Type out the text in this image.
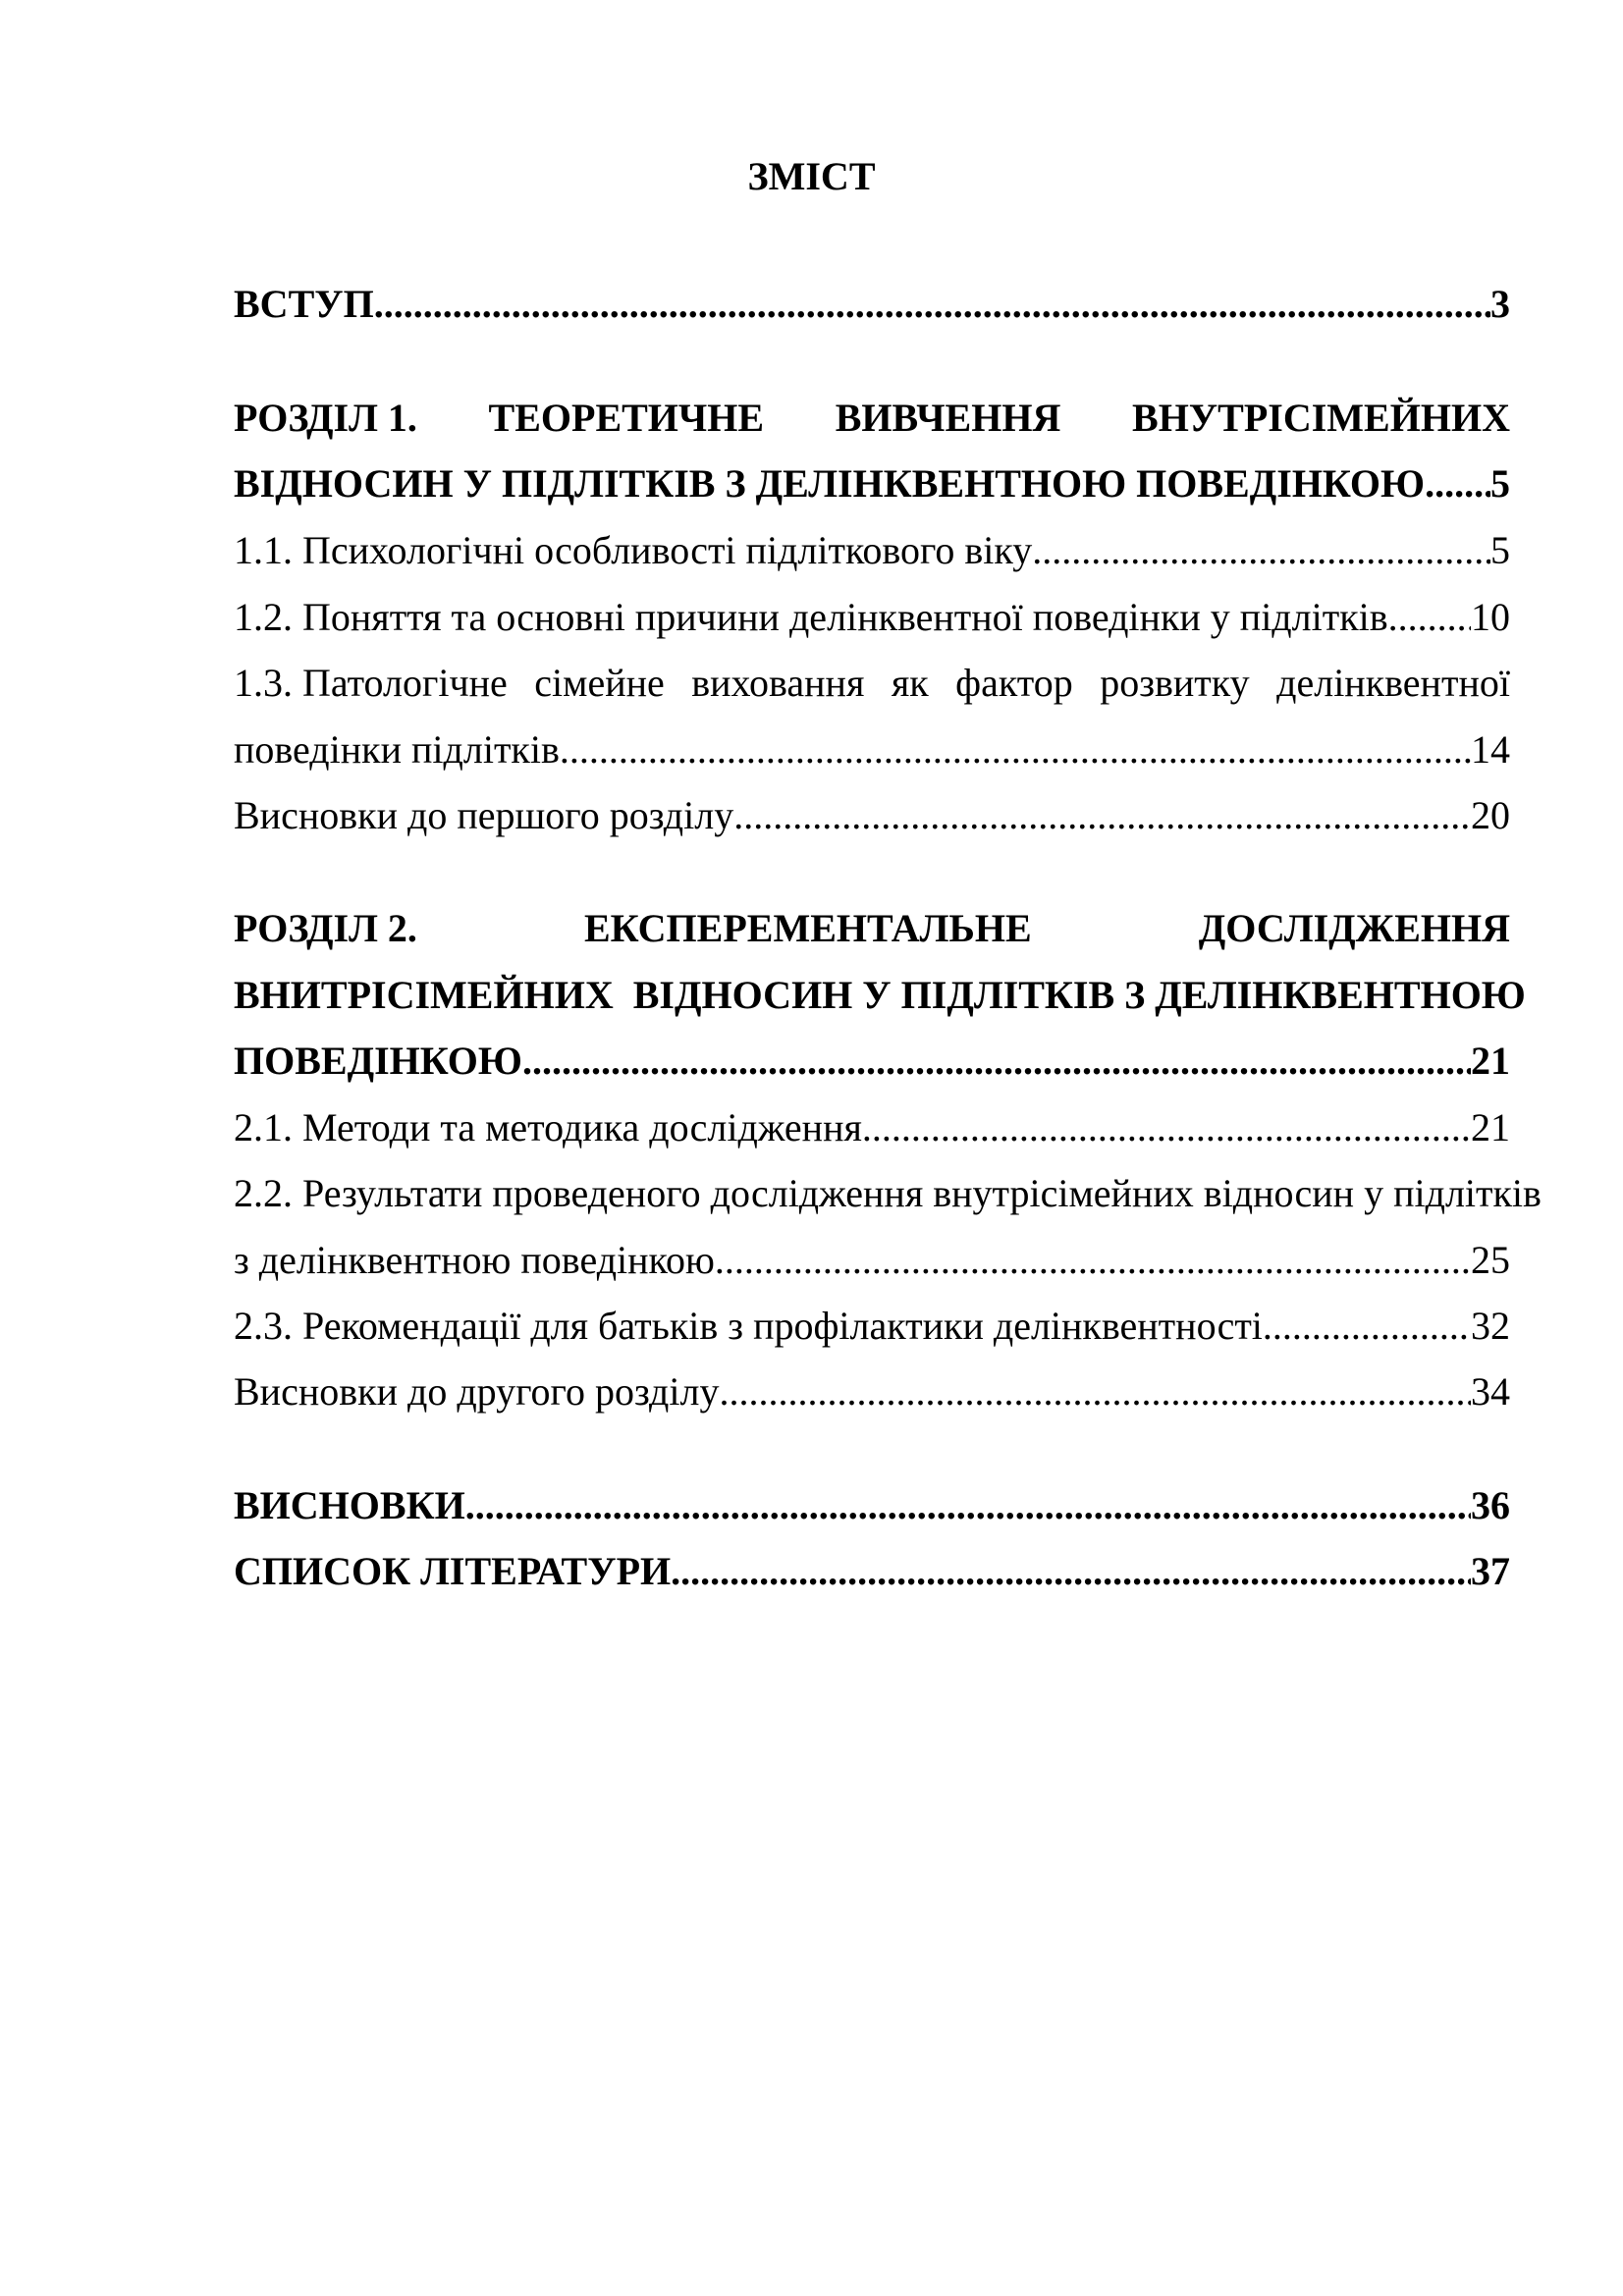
ЗМІСТ
ВСТУП .....	3
РОЗДІЛ 1. ТЕОРЕТИЧНЕ ВИВЧЕННЯ ВНУТРІСІМЕЙНИХ
ВІДНОСИН У ПІДЛІТКІВ З ДЕЛІНКВЕНТНОЮ ПОВЕДІНКОЮ ..... 5
1.1. Психологічні особливості підліткового віку .....	5
1.2. Поняття та основні причини делінквентної поведінки у підлітків ..... 10
1.3. Патологічне сімейне виховання як фактор розвитку делінквентної
поведінки підлітків .....	14
Висновки до першого розділу .....	20
РОЗДІЛ 2.	ЕКСПЕРЕМЕНТАЛЬНЕ	ДОСЛІДЖЕННЯ
ВНИТРІСІМЕЙНИХ  ВІДНОСИН У ПІДЛІТКІВ З ДЕЛІНКВЕНТНОЮ
ПОВЕДІНКОЮ .....	21
2.1. Методи та методика дослідження .....	21
2.2. Результати проведеного дослідження внутрісімейних відносин у підлітків
з делінквентною поведінкою .....	25
2.3. Рекомендації для батьків з профілактики делінквентності .....	32
Висновки до другого розділу .....	34
ВИСНОВКИ .....	36
СПИСОК ЛІТЕРАТУРИ .....	37
